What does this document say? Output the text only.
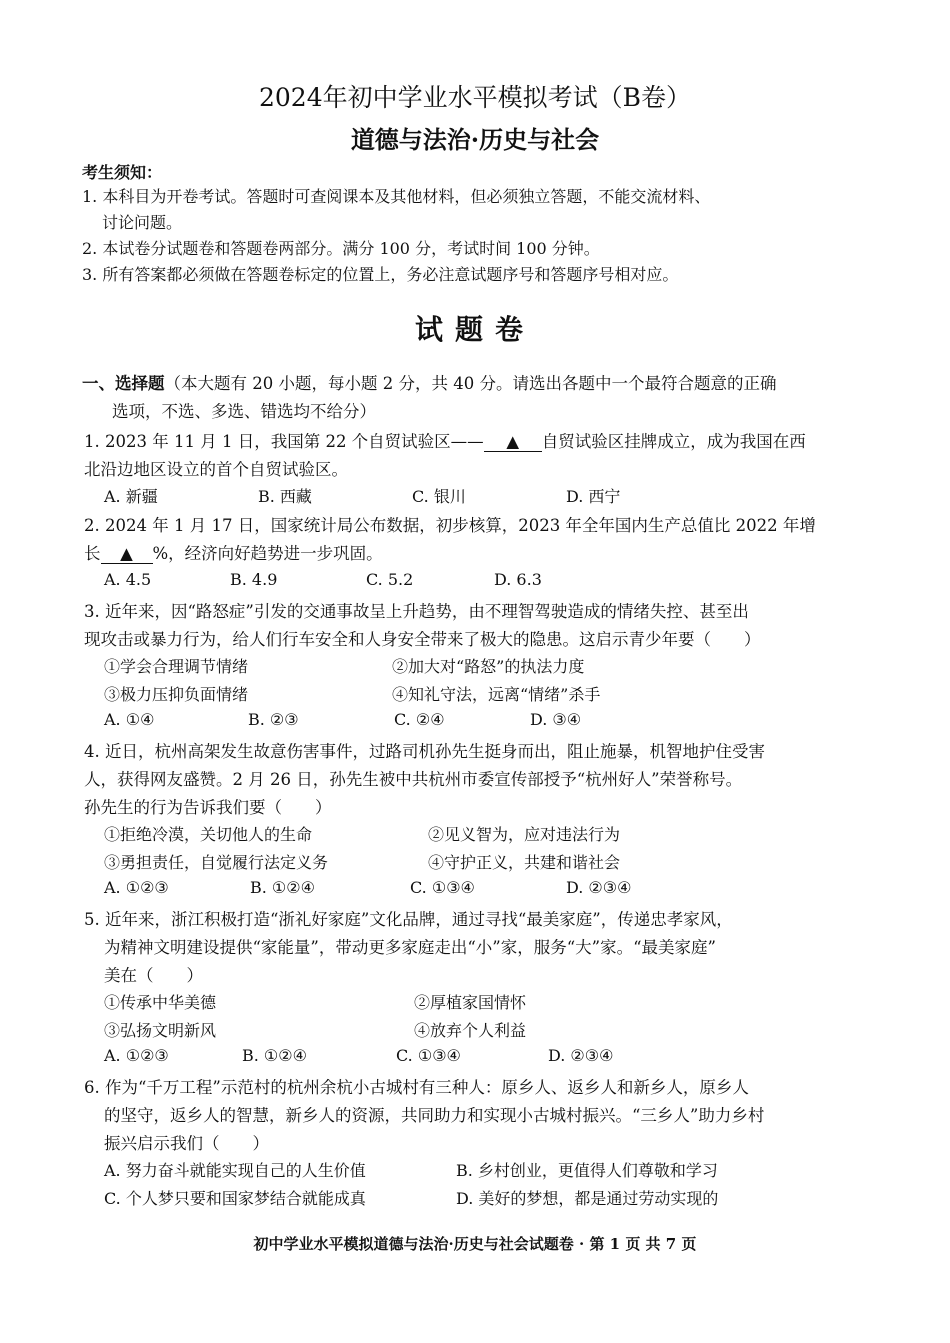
2024年初中学业水平模拟考试（B卷）
道德与法治·历史与社会
考生须知：
1. 本科目为开卷考试。答题时可查阅课本及其他材料，但必须独立答题，不能交流材料、
讨论问题。
2. 本试卷分试题卷和答题卷两部分。满分 100 分，考试时间 100 分钟。
3. 所有答案都必须做在答题卷标定的位置上，务必注意试题序号和答题序号相对应。
试题卷
一、选择题（本大题有 20 小题，每小题 2 分，共 40 分。请选出各题中一个最符合题意的正确
选项，不选、多选、错选均不给分）
1. 2023 年 11 月 1 日，我国第 22 个自贸试验区—— ▲ 自贸试验区挂牌成立，成为我国在西
北沿边地区设立的首个自贸试验区。
A. 新疆	B. 西藏	C. 银川	D. 西宁
2. 2024 年 1 月 17 日，国家统计局公布数据，初步核算，2023 年全年国内生产总值比 2022 年增
长 ▲ %，经济向好趋势进一步巩固。
A. 4.5	B. 4.9	C. 5.2	D. 6.3
3. 近年来，因“路怒症”引发的交通事故呈上升趋势，由不理智驾驶造成的情绪失控、甚至出
现攻击或暴力行为，给人们行车安全和人身安全带来了极大的隐患。这启示青少年要（　　）
①学会合理调节情绪	②加大对“路怒”的执法力度
③极力压抑负面情绪	④知礼守法，远离“情绪”杀手
A. ①④	B. ②③	C. ②④	D. ③④
4. 近日，杭州高架发生故意伤害事件，过路司机孙先生挺身而出，阻止施暴，机智地护住受害
人，获得网友盛赞。2 月 26 日，孙先生被中共杭州市委宣传部授予“杭州好人”荣誉称号。
孙先生的行为告诉我们要（　　）
①拒绝冷漠，关切他人的生命	②见义智为，应对违法行为
③勇担责任，自觉履行法定义务	④守护正义，共建和谐社会
A. ①②③	B. ①②④	C. ①③④	D. ②③④
5. 近年来，浙江积极打造“浙礼好家庭”文化品牌，通过寻找“最美家庭”，传递忠孝家风，
为精神文明建设提供“家能量”，带动更多家庭走出“小”家，服务“大”家。“最美家庭”
美在（　　）
①传承中华美德	②厚植家国情怀
③弘扬文明新风	④放弃个人利益
A. ①②③	B. ①②④	C. ①③④	D. ②③④
6. 作为“千万工程”示范村的杭州余杭小古城村有三种人：原乡人、返乡人和新乡人，原乡人
的坚守，返乡人的智慧，新乡人的资源，共同助力和实现小古城村振兴。“三乡人”助力乡村
振兴启示我们（　　）
A. 努力奋斗就能实现自己的人生价值	B. 乡村创业，更值得人们尊敬和学习
C. 个人梦只要和国家梦结合就能成真	D. 美好的梦想，都是通过劳动实现的
初中学业水平模拟道德与法治·历史与社会试题卷 · 第 1 页 共 7 页
